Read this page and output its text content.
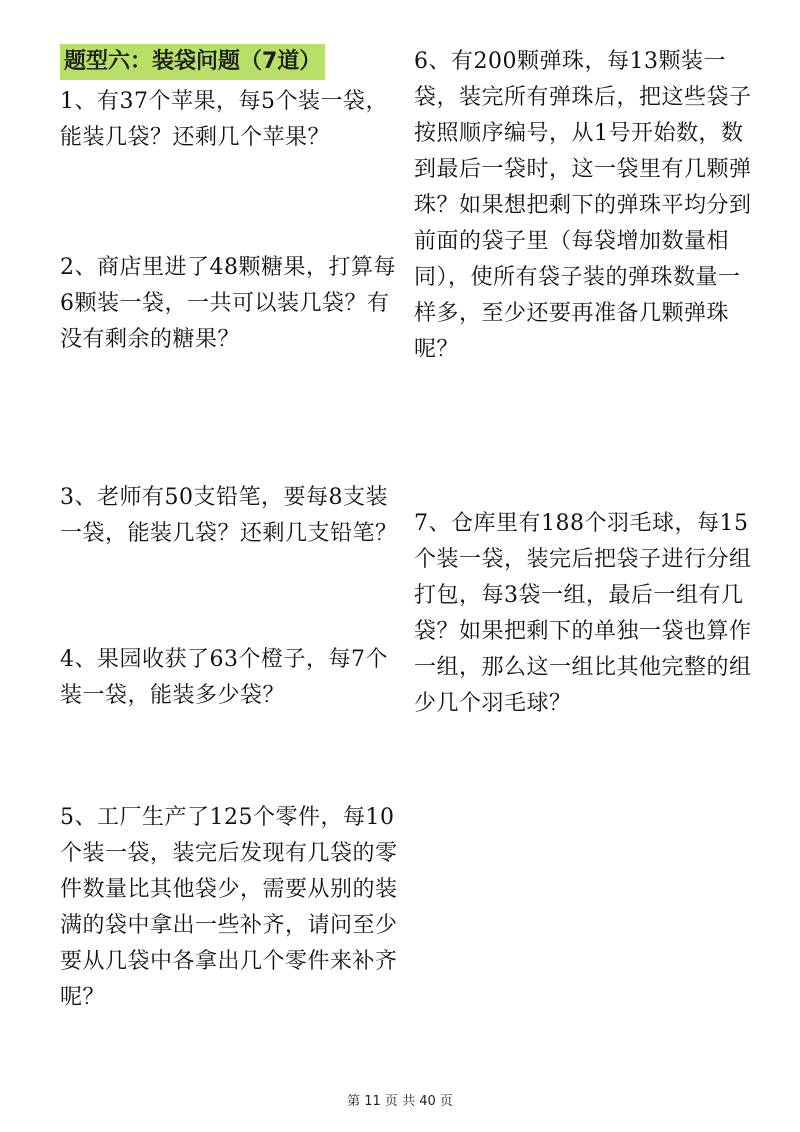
题型六：装袋问题（7道）

1、有37个苹果，每5个装一袋，能装几袋？还剩几个苹果？

2、商店里进了48颗糖果，打算每6颗装一袋，一共可以装几袋？有没有剩余的糖果？

3、老师有50支铅笔，要每8支装一袋，能装几袋？还剩几支铅笔？

4、果园收获了63个橙子，每7个装一袋，能装多少袋？

5、工厂生产了125个零件，每10个装一袋，装完后发现有几袋的零件数量比其他袋少，需要从别的装满的袋中拿出一些补齐，请问至少要从几袋中各拿出几个零件来补齐呢？

6、有200颗弹珠，每13颗装一袋，装完所有弹珠后，把这些袋子按照顺序编号，从1号开始数，数到最后一袋时，这一袋里有几颗弹珠？如果想把剩下的弹珠平均分到前面的袋子里（每袋增加数量相同），使所有袋子装的弹珠数量一样多，至少还要再准备几颗弹珠呢？

7、仓库里有188个羽毛球，每15个装一袋，装完后把袋子进行分组打包，每3袋一组，最后一组有几袋？如果把剩下的单独一袋也算作一组，那么这一组比其他完整的组少几个羽毛球？

第 11 页 共 40 页
